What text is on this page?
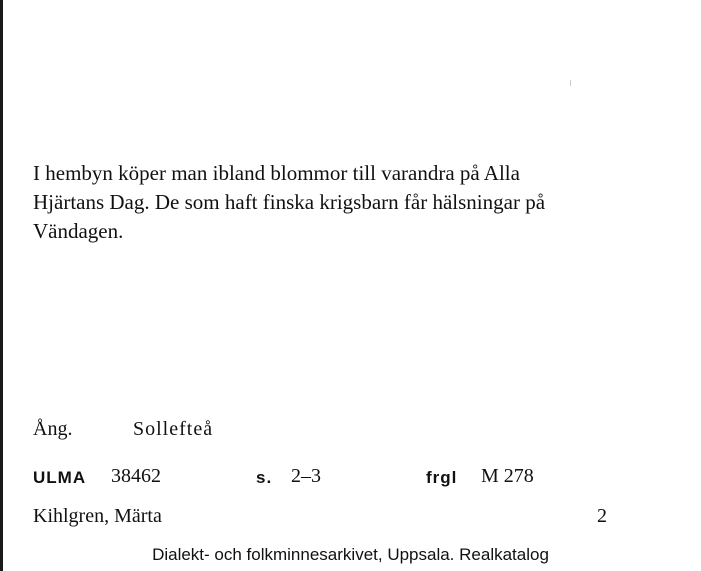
I hembyn köper man ibland blommor till varandra på Alla
Hjärtans Dag. De som haft finska krigsbarn får hälsningar på
Vändagen.
Ång.	Sollefteå
ULMA 38462	s. 2–3	frgl M 278
Kihlgren, Märta	2
Dialekt- och folkminnesarkivet, Uppsala. Realkatalog
